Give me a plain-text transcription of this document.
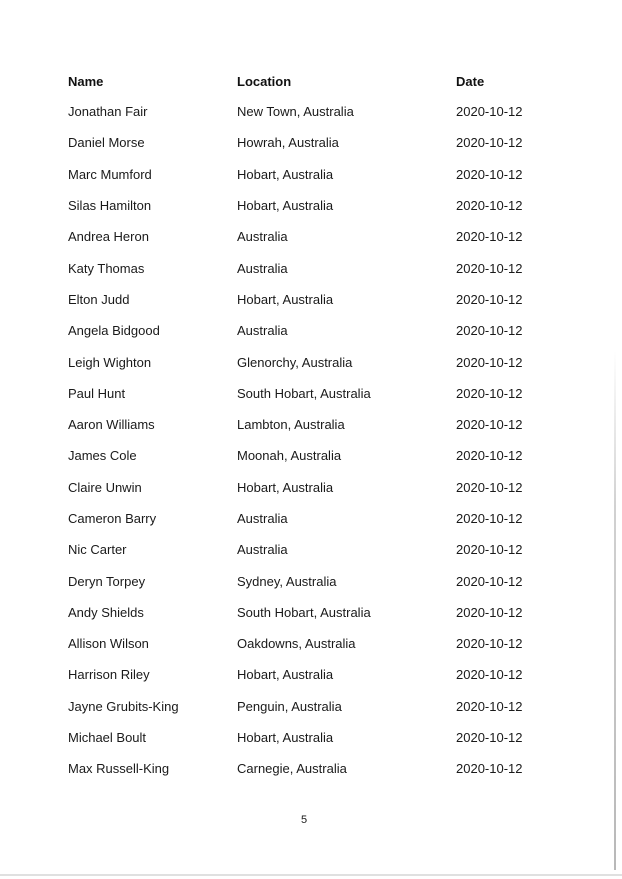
Name	Location	Date
Jonathan Fair	New Town, Australia	2020-10-12
Daniel Morse	Howrah, Australia	2020-10-12
Marc Mumford	Hobart, Australia	2020-10-12
Silas Hamilton	Hobart, Australia	2020-10-12
Andrea Heron	Australia	2020-10-12
Katy Thomas	Australia	2020-10-12
Elton Judd	Hobart, Australia	2020-10-12
Angela Bidgood	Australia	2020-10-12
Leigh Wighton	Glenorchy, Australia	2020-10-12
Paul Hunt	South Hobart, Australia	2020-10-12
Aaron Williams	Lambton, Australia	2020-10-12
James Cole	Moonah, Australia	2020-10-12
Claire Unwin	Hobart, Australia	2020-10-12
Cameron Barry	Australia	2020-10-12
Nic Carter	Australia	2020-10-12
Deryn Torpey	Sydney, Australia	2020-10-12
Andy Shields	South Hobart, Australia	2020-10-12
Allison Wilson	Oakdowns, Australia	2020-10-12
Harrison Riley	Hobart, Australia	2020-10-12
Jayne Grubits-King	Penguin, Australia	2020-10-12
Michael Boult	Hobart, Australia	2020-10-12
Max Russell-King	Carnegie, Australia	2020-10-12
5
